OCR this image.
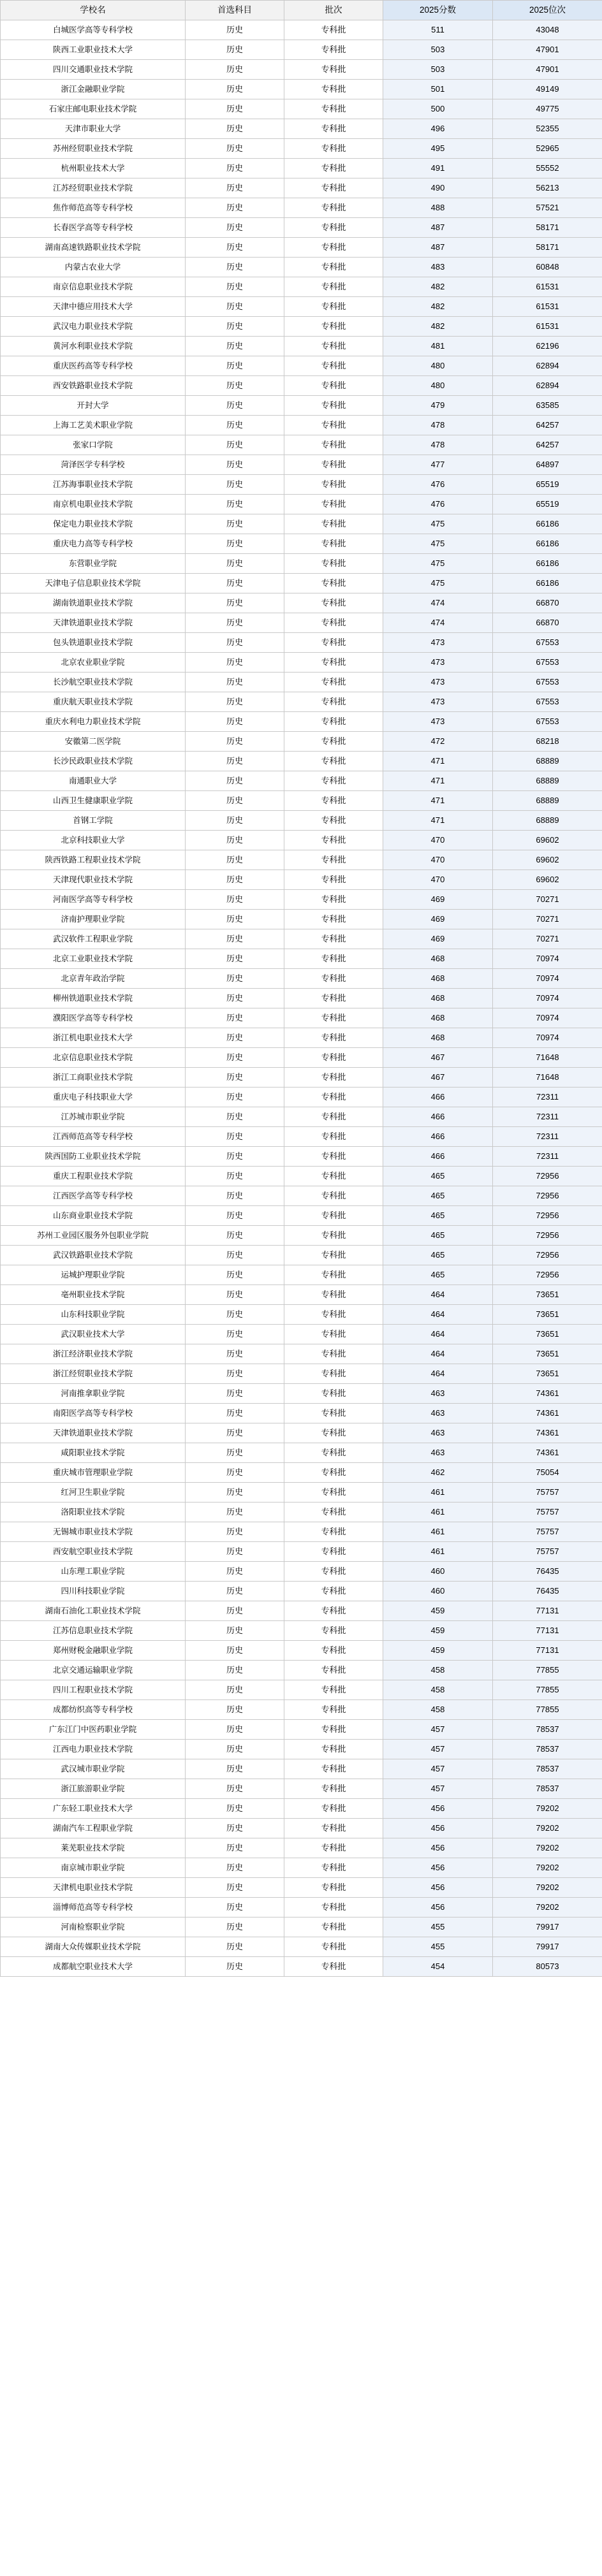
学校名	首选科目	批次	2025分数	2025位次
白城医学高等专科学校	历史	专科批	511	43048
陕西工业职业技术大学	历史	专科批	503	47901
四川交通职业技术学院	历史	专科批	503	47901
浙江金融职业学院	历史	专科批	501	49149
石家庄邮电职业技术学院	历史	专科批	500	49775
天津市职业大学	历史	专科批	496	52355
苏州经贸职业技术学院	历史	专科批	495	52965
杭州职业技术大学	历史	专科批	491	55552
江苏经贸职业技术学院	历史	专科批	490	56213
焦作师范高等专科学校	历史	专科批	488	57521
长春医学高等专科学校	历史	专科批	487	58171
湖南高速铁路职业技术学院	历史	专科批	487	58171
内蒙古农业大学	历史	专科批	483	60848
南京信息职业技术学院	历史	专科批	482	61531
天津中德应用技术大学	历史	专科批	482	61531
武汉电力职业技术学院	历史	专科批	482	61531
黄河水利职业技术学院	历史	专科批	481	62196
重庆医药高等专科学校	历史	专科批	480	62894
西安铁路职业技术学院	历史	专科批	480	62894
开封大学	历史	专科批	479	63585
上海工艺美术职业学院	历史	专科批	478	64257
张家口学院	历史	专科批	478	64257
菏泽医学专科学校	历史	专科批	477	64897
江苏海事职业技术学院	历史	专科批	476	65519
南京机电职业技术学院	历史	专科批	476	65519
保定电力职业技术学院	历史	专科批	475	66186
重庆电力高等专科学校	历史	专科批	475	66186
东营职业学院	历史	专科批	475	66186
天津电子信息职业技术学院	历史	专科批	475	66186
湖南铁道职业技术学院	历史	专科批	474	66870
天津铁道职业技术学院	历史	专科批	474	66870
包头铁道职业技术学院	历史	专科批	473	67553
北京农业职业学院	历史	专科批	473	67553
长沙航空职业技术学院	历史	专科批	473	67553
重庆航天职业技术学院	历史	专科批	473	67553
重庆水利电力职业技术学院	历史	专科批	473	67553
安徽第二医学院	历史	专科批	472	68218
长沙民政职业技术学院	历史	专科批	471	68889
南通职业大学	历史	专科批	471	68889
山西卫生健康职业学院	历史	专科批	471	68889
首钢工学院	历史	专科批	471	68889
北京科技职业大学	历史	专科批	470	69602
陕西铁路工程职业技术学院	历史	专科批	470	69602
天津现代职业技术学院	历史	专科批	470	69602
河南医学高等专科学校	历史	专科批	469	70271
济南护理职业学院	历史	专科批	469	70271
武汉软件工程职业学院	历史	专科批	469	70271
北京工业职业技术学院	历史	专科批	468	70974
北京青年政治学院	历史	专科批	468	70974
柳州铁道职业技术学院	历史	专科批	468	70974
濮阳医学高等专科学校	历史	专科批	468	70974
浙江机电职业技术大学	历史	专科批	468	70974
北京信息职业技术学院	历史	专科批	467	71648
浙江工商职业技术学院	历史	专科批	467	71648
重庆电子科技职业大学	历史	专科批	466	72311
江苏城市职业学院	历史	专科批	466	72311
江西师范高等专科学校	历史	专科批	466	72311
陕西国防工业职业技术学院	历史	专科批	466	72311
重庆工程职业技术学院	历史	专科批	465	72956
江西医学高等专科学校	历史	专科批	465	72956
山东商业职业技术学院	历史	专科批	465	72956
苏州工业园区服务外包职业学院	历史	专科批	465	72956
武汉铁路职业技术学院	历史	专科批	465	72956
运城护理职业学院	历史	专科批	465	72956
亳州职业技术学院	历史	专科批	464	73651
山东科技职业学院	历史	专科批	464	73651
武汉职业技术大学	历史	专科批	464	73651
浙江经济职业技术学院	历史	专科批	464	73651
浙江经贸职业技术学院	历史	专科批	464	73651
河南推拿职业学院	历史	专科批	463	74361
南阳医学高等专科学校	历史	专科批	463	74361
天津铁道职业技术学院	历史	专科批	463	74361
咸阳职业技术学院	历史	专科批	463	74361
重庆城市管理职业学院	历史	专科批	462	75054
红河卫生职业学院	历史	专科批	461	75757
洛阳职业技术学院	历史	专科批	461	75757
无锡城市职业技术学院	历史	专科批	461	75757
西安航空职业技术学院	历史	专科批	461	75757
山东理工职业学院	历史	专科批	460	76435
四川科技职业学院	历史	专科批	460	76435
湖南石油化工职业技术学院	历史	专科批	459	77131
江苏信息职业技术学院	历史	专科批	459	77131
郑州财税金融职业学院	历史	专科批	459	77131
北京交通运输职业学院	历史	专科批	458	77855
四川工程职业技术学院	历史	专科批	458	77855
成都纺织高等专科学校	历史	专科批	458	77855
广东江门中医药职业学院	历史	专科批	457	78537
江西电力职业技术学院	历史	专科批	457	78537
武汉城市职业学院	历史	专科批	457	78537
浙江旅游职业学院	历史	专科批	457	78537
广东轻工职业技术大学	历史	专科批	456	79202
湖南汽车工程职业学院	历史	专科批	456	79202
莱芜职业技术学院	历史	专科批	456	79202
南京城市职业学院	历史	专科批	456	79202
天津机电职业技术学院	历史	专科批	456	79202
淄博师范高等专科学校	历史	专科批	456	79202
河南检察职业学院	历史	专科批	455	79917
湖南大众传媒职业技术学院	历史	专科批	455	79917
成都航空职业技术大学	历史	专科批	454	80573
